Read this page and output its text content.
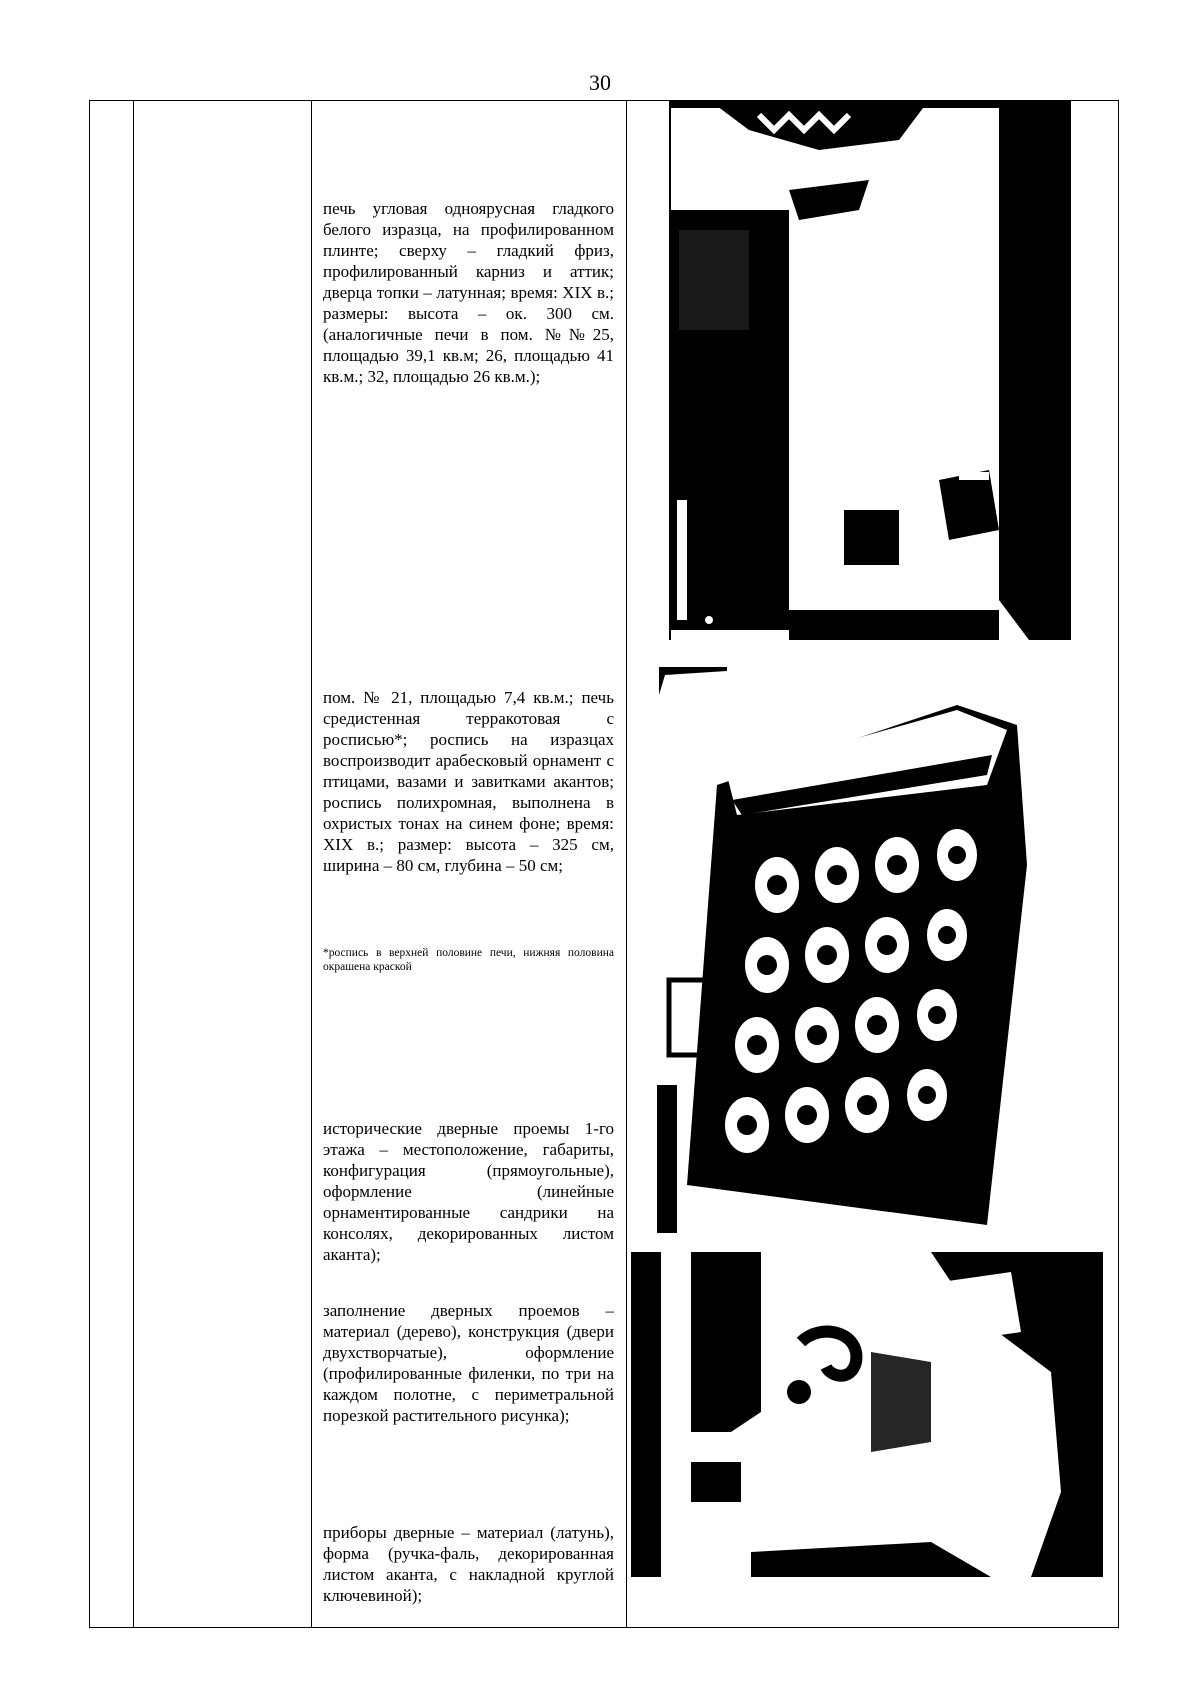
30
печь угловая одноярусная гладкого белого изразца, на профилированном плинте; сверху – гладкий фриз, профилированный карниз и аттик; дверца топки – латунная; время: XIX в.; размеры: высота – ок. 300 см. (аналогичные печи в пом. №№25, площадью 39,1 кв.м; 26, площадью 41 кв.м.; 32, площадью 26 кв.м.);
пом. № 21, площадью 7,4 кв.м.; печь средистенная терракотовая с росписью*; роспись на изразцах воспроизводит арабесковый орнамент с птицами, вазами и завитками акантов; роспись полихромная, выполнена в охристых тонах на синем фоне; время: XIX в.; размер: высота – 325 см, ширина – 80 см, глубина – 50 см;
*роспись в верхней половине печи, нижняя половина окрашена краской
исторические дверные проемы 1-го этажа – местоположение, габариты, конфигурация (прямоугольные), оформление (линейные орнаментированные сандрики на консолях, декорированных листом аканта);
заполнение дверных проемов – материал (дерево), конструкция (двери двухстворчатые), оформление (профилированные филенки, по три на каждом полотне, с периметральной порезкой растительного рисунка);
приборы дверные – материал (латунь), форма (ручка-фаль, декорированная листом аканта, с накладной круглой ключевиной);
